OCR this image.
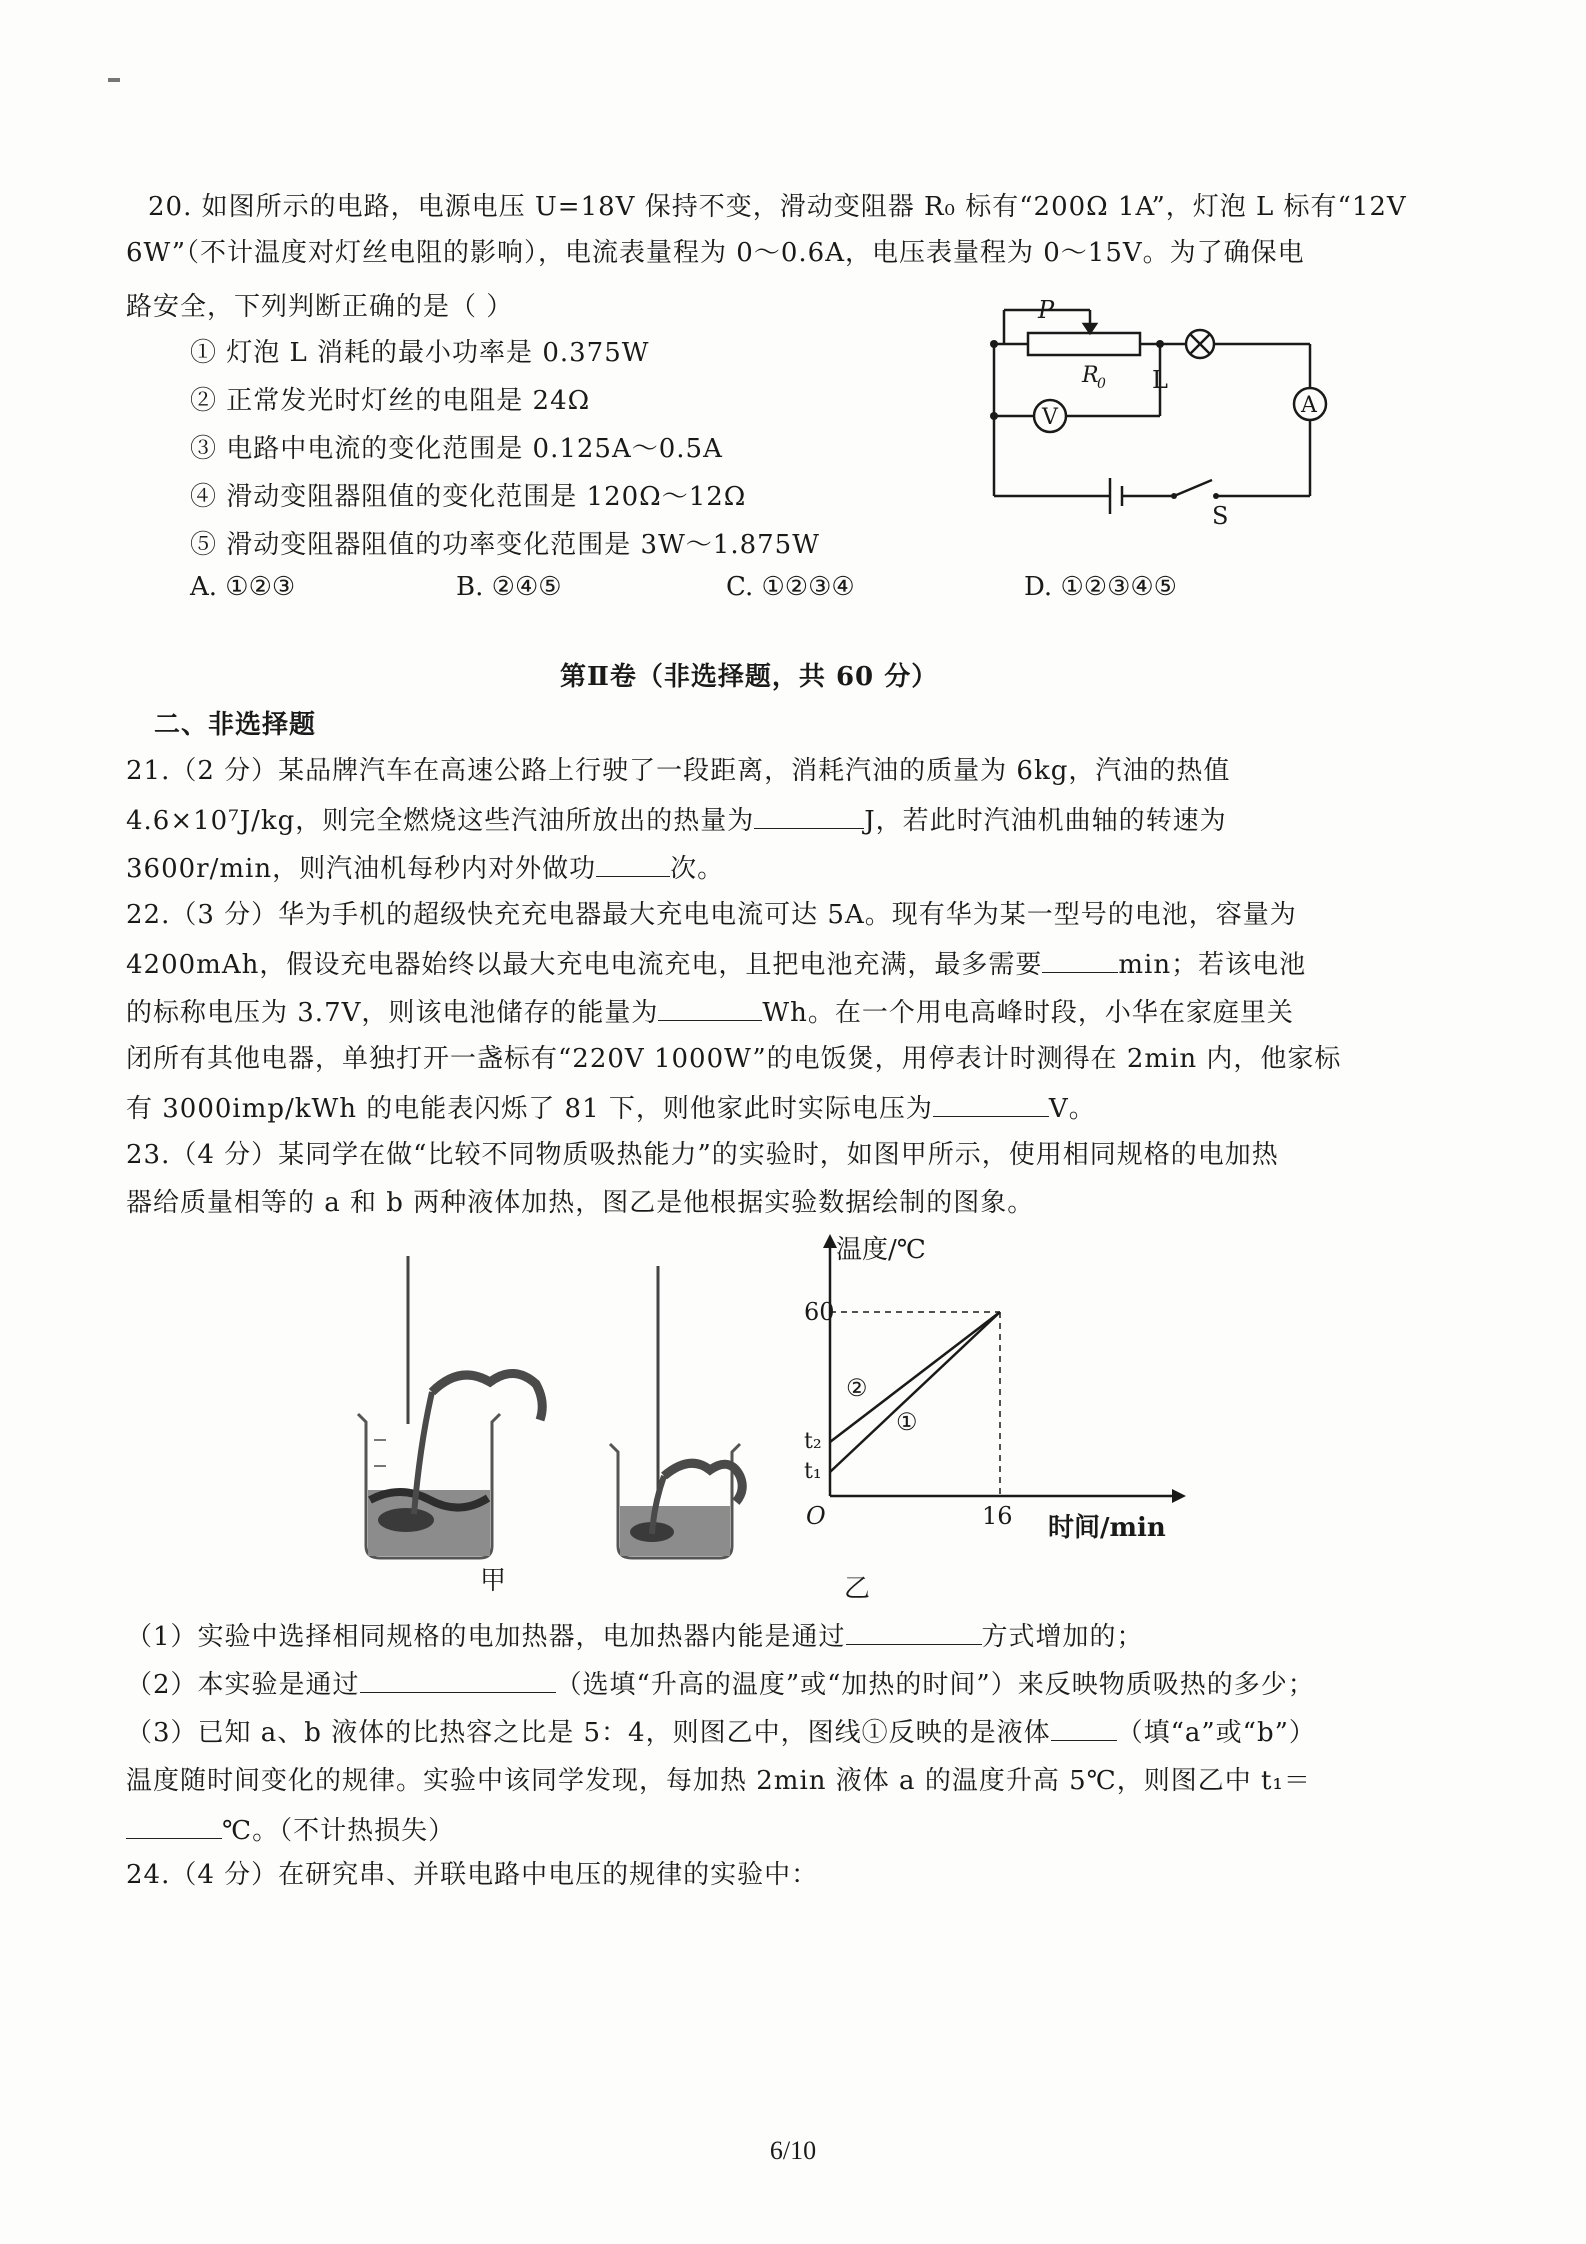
20. 如图所示的电路，电源电压 U=18V 保持不变，滑动变阻器 R₀ 标有“200Ω 1A”，灯泡 L 标有“12V
6W”（不计温度对灯丝电阻的影响），电流表量程为 0～0.6A，电压表量程为 0～15V。为了确保电
路安全，下列判断正确的是（ ）
① 灯泡 L 消耗的最小功率是 0.375W
② 正常发光时灯丝的电阻是 24Ω
③ 电路中电流的变化范围是 0.125A～0.5A
④ 滑动变阻器阻值的变化范围是 120Ω～12Ω
⑤ 滑动变阻器阻值的功率变化范围是 3W～1.875W
A. ①②③	B. ②④⑤	C. ①②③④	D. ①②③④⑤
P
R
0 L
V	A
S
第Ⅱ卷（非选择题，共 60 分）
二、非选择题
21.（2 分）某品牌汽车在高速公路上行驶了一段距离，消耗汽油的质量为 6kg，汽油的热值
4.6×10⁷J/kg，则完全燃烧这些汽油所放出的热量为	J，若此时汽油机曲轴的转速为
3600r/min，则汽油机每秒内对外做功	次。
22.（3 分）华为手机的超级快充充电器最大充电电流可达 5A。现有华为某一型号的电池，容量为
4200mAh，假设充电器始终以最大充电电流充电，且把电池充满，最多需要	min；若该电池
的标称电压为 3.7V，则该电池储存的能量为	Wh。在一个用电高峰时段，小华在家庭里关
闭所有其他电器，单独打开一盏标有“220V 1000W”的电饭煲，用停表计时测得在 2min 内，他家标
有 3000imp/kWh 的电能表闪烁了 81 下，则他家此时实际电压为	V。
23.（4 分）某同学在做“比较不同物质吸热能力”的实验时，如图甲所示，使用相同规格的电加热
器给质量相等的 a 和 b 两种液体加热，图乙是他根据实验数据绘制的图象。
甲
温度/℃
时间/min
O	16
60
t₂
t₁
②
①
乙
（1）实验中选择相同规格的电加热器，电加热器内能是通过	方式增加的；
（2）本实验是通过	（选填“升高的温度”或“加热的时间”）来反映物质吸热的多少；
（3）已知 a、b 液体的比热容之比是 5：4，则图乙中，图线①反映的是液体	（填“a”或“b”）
温度随时间变化的规律。实验中该同学发现，每加热 2min 液体 a 的温度升高 5℃，则图乙中 t₁＝
℃。（不计热损失）
24.（4 分）在研究串、并联电路中电压的规律的实验中：
6/10
